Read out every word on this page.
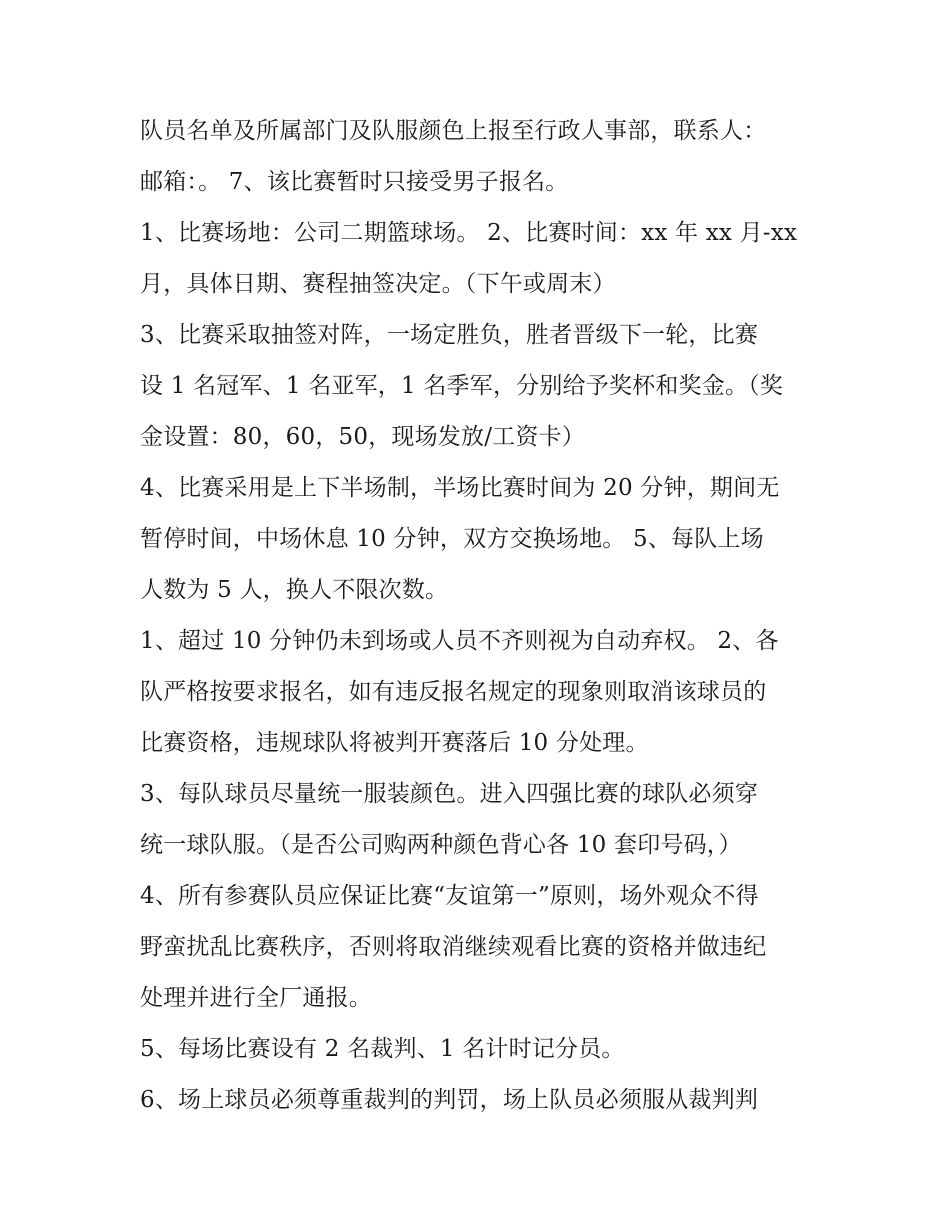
队员名单及所属部门及队服颜色上报至行政人事部，联系人：
邮箱：。 7、该比赛暂时只接受男子报名。
1、比赛场地：公司二期篮球场。 2、比赛时间：xx 年 xx 月-xx
月，具体日期、赛程抽签决定。（下午或周末）
3、比赛采取抽签对阵，一场定胜负，胜者晋级下一轮，比赛
设 1 名冠军、1 名亚军，1 名季军，分别给予奖杯和奖金。（奖
金设置：80，60，50，现场发放/工资卡）
4、比赛采用是上下半场制，半场比赛时间为 20 分钟，期间无
暂停时间，中场休息 10 分钟，双方交换场地。 5、每队上场
人数为 5 人，换人不限次数。
1、超过 10 分钟仍未到场或人员不齐则视为自动弃权。 2、各
队严格按要求报名，如有违反报名规定的现象则取消该球员的
比赛资格，违规球队将被判开赛落后 10 分处理。
3、每队球员尽量统一服装颜色。进入四强比赛的球队必须穿
统一球队服。（是否公司购两种颜色背心各 10 套印号码，）
4、所有参赛队员应保证比赛“友谊第一”原则，场外观众不得
野蛮扰乱比赛秩序，否则将取消继续观看比赛的资格并做违纪
处理并进行全厂通报。
5、每场比赛设有 2 名裁判、1 名计时记分员。
6、场上球员必须尊重裁判的判罚，场上队员必须服从裁判判
